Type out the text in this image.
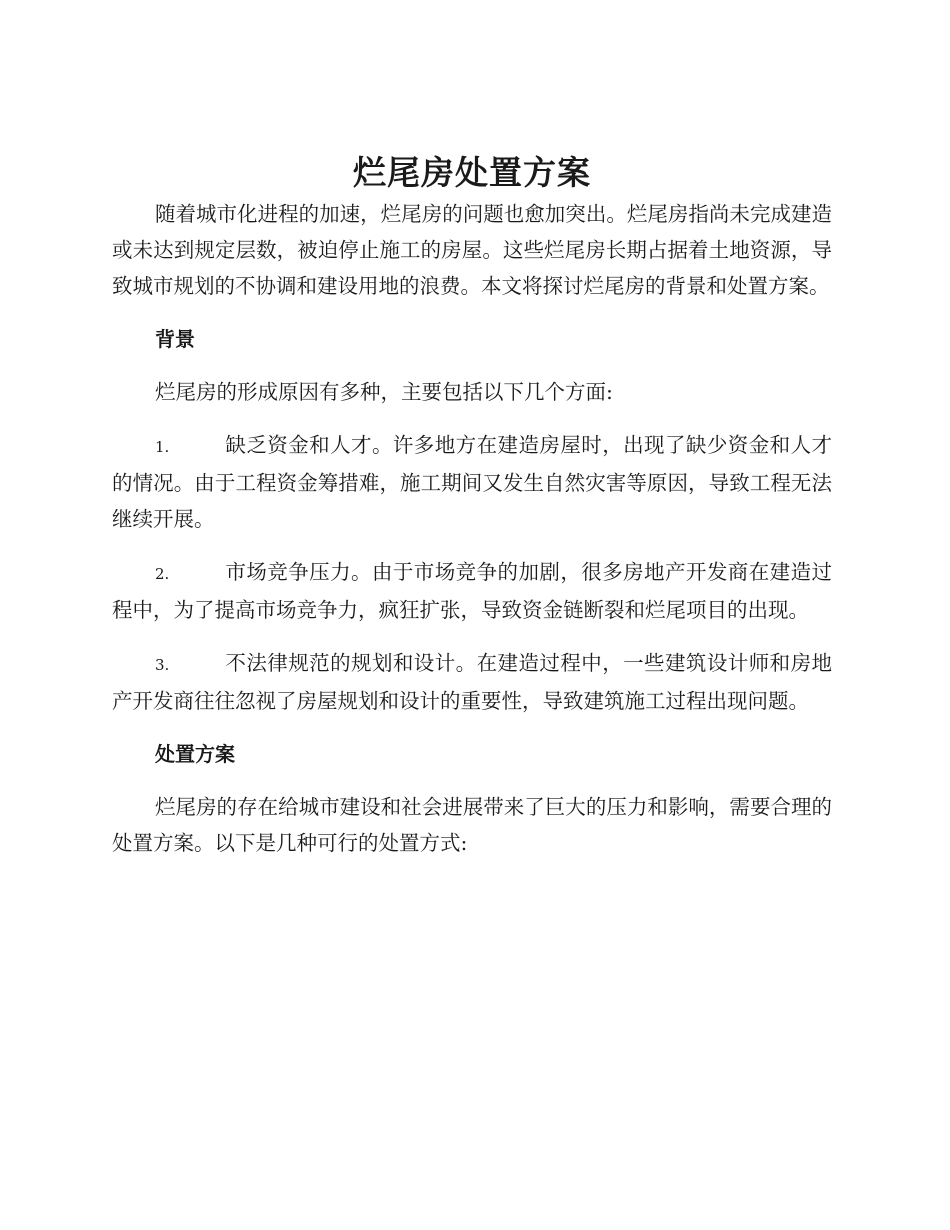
烂尾房处置方案

随着城市化进程的加速，烂尾房的问题也愈加突出。烂尾房指尚未完成建造或未达到规定层数，被迫停止施工的房屋。这些烂尾房长期占据着土地资源，导致城市规划的不协调和建设用地的浪费。本文将探讨烂尾房的背景和处置方案。

背景

烂尾房的形成原因有多种，主要包括以下几个方面:

1.	缺乏资金和人才。许多地方在建造房屋时，出现了缺少资金和人才的情况。由于工程资金筹措难，施工期间又发生自然灾害等原因，导致工程无法继续开展。

2.	市场竞争压力。由于市场竞争的加剧，很多房地产开发商在建造过程中，为了提高市场竞争力，疯狂扩张，导致资金链断裂和烂尾项目的出现。

3.	不法律规范的规划和设计。在建造过程中，一些建筑设计师和房地产开发商往往忽视了房屋规划和设计的重要性，导致建筑施工过程出现问题。

处置方案

烂尾房的存在给城市建设和社会进展带来了巨大的压力和影响，需要合理的处置方案。以下是几种可行的处置方式:
